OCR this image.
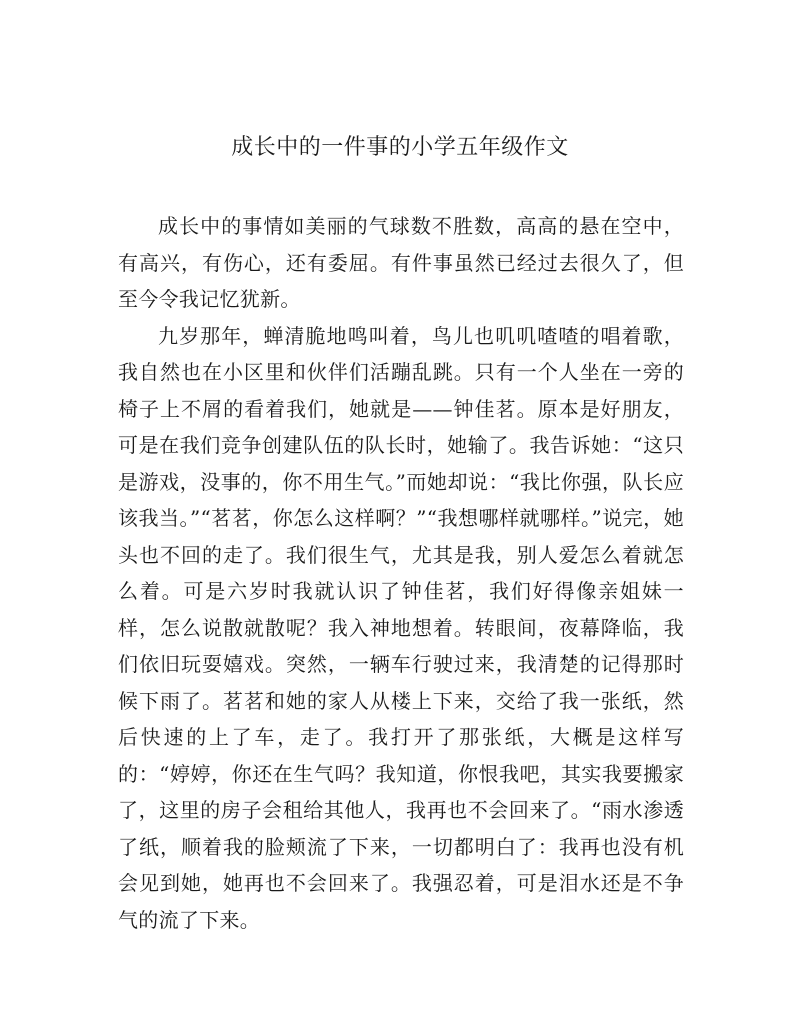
成长中的一件事的小学五年级作文

成长中的事情如美丽的气球数不胜数，高高的悬在空中，有高兴，有伤心，还有委屈。有件事虽然已经过去很久了，但至今令我记忆犹新。

九岁那年，蝉清脆地鸣叫着，鸟儿也叽叽喳喳的唱着歌，我自然也在小区里和伙伴们活蹦乱跳。只有一个人坐在一旁的椅子上不屑的看着我们，她就是——钟佳茗。原本是好朋友，可是在我们竞争创建队伍的队长时，她输了。我告诉她：“这只是游戏，没事的，你不用生气。”而她却说：“我比你强，队长应该我当。”“茗茗，你怎么这样啊？”“我想哪样就哪样。”说完，她头也不回的走了。我们很生气，尤其是我，别人爱怎么着就怎么着。可是六岁时我就认识了钟佳茗，我们好得像亲姐妹一样，怎么说散就散呢？我入神地想着。转眼间，夜幕降临，我们依旧玩耍嬉戏。突然，一辆车行驶过来，我清楚的记得那时候下雨了。茗茗和她的家人从楼上下来，交给了我一张纸，然后快速的上了车，走了。我打开了那张纸，大概是这样写的：“婷婷，你还在生气吗？我知道，你恨我吧，其实我要搬家了，这里的房子会租给其他人，我再也不会回来了。“雨水渗透了纸，顺着我的脸颊流了下来，一切都明白了：我再也没有机会见到她，她再也不会回来了。我强忍着，可是泪水还是不争气的流了下来。
